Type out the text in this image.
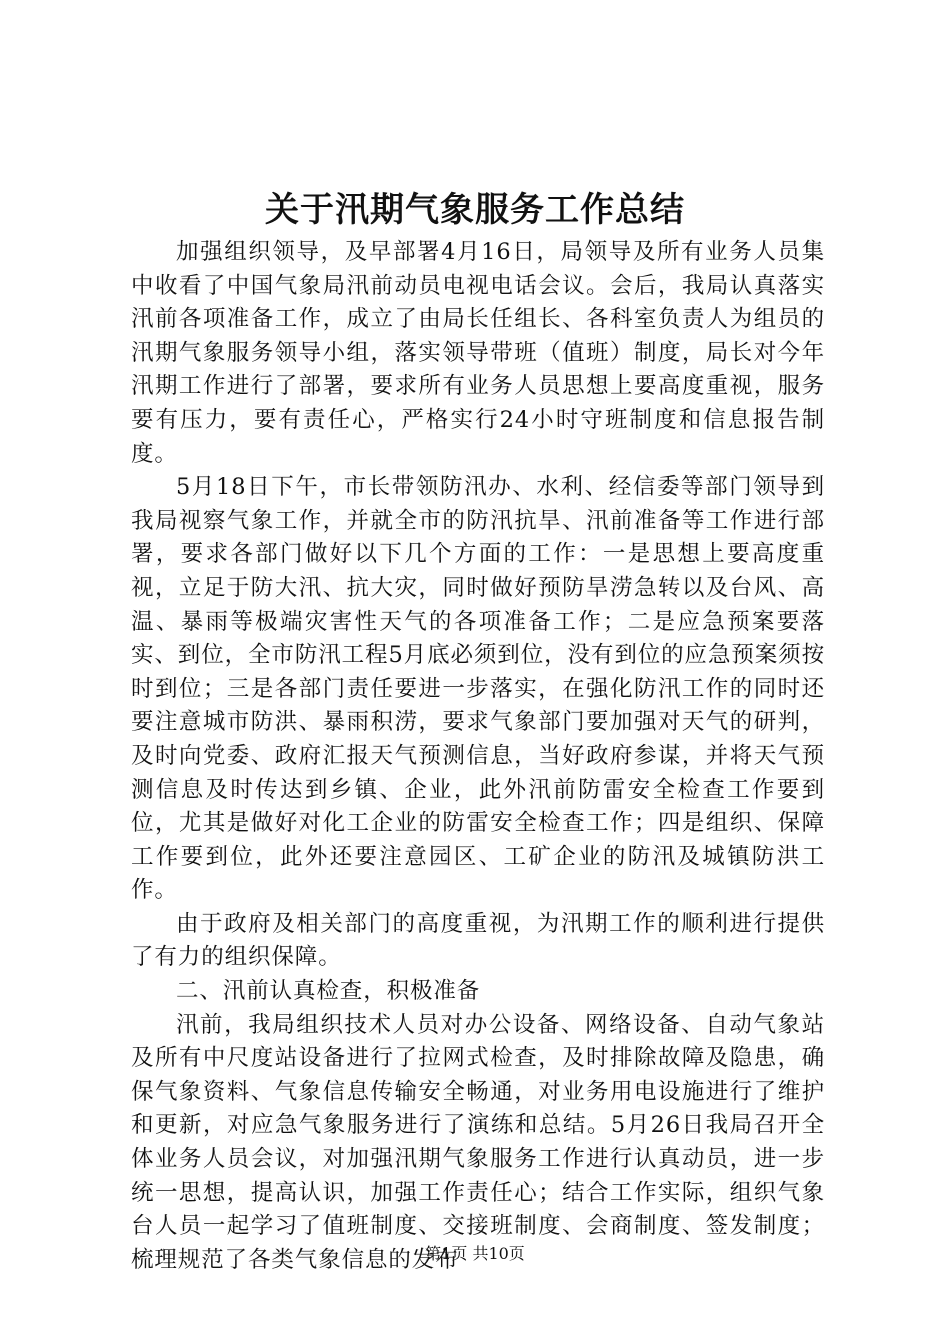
关于汛期气象服务工作总结

加强组织领导，及早部署4月16日，局领导及所有业务人员集中收看了中国气象局汛前动员电视电话会议。会后，我局认真落实汛前各项准备工作，成立了由局长任组长、各科室负责人为组员的汛期气象服务领导小组，落实领导带班（值班）制度，局长对今年汛期工作进行了部署，要求所有业务人员思想上要高度重视，服务要有压力，要有责任心，严格实行24小时守班制度和信息报告制度。

5月18日下午，市长带领防汛办、水利、经信委等部门领导到我局视察气象工作，并就全市的防汛抗旱、汛前准备等工作进行部署，要求各部门做好以下几个方面的工作：一是思想上要高度重视，立足于防大汛、抗大灾，同时做好预防旱涝急转以及台风、高温、暴雨等极端灾害性天气的各项准备工作；二是应急预案要落实、到位，全市防汛工程5月底必须到位，没有到位的应急预案须按时到位；三是各部门责任要进一步落实，在强化防汛工作的同时还要注意城市防洪、暴雨积涝，要求气象部门要加强对天气的研判，及时向党委、政府汇报天气预测信息，当好政府参谋，并将天气预测信息及时传达到乡镇、企业，此外汛前防雷安全检查工作要到位，尤其是做好对化工企业的防雷安全检查工作；四是组织、保障工作要到位，此外还要注意园区、工矿企业的防汛及城镇防洪工作。

由于政府及相关部门的高度重视，为汛期工作的顺利进行提供了有力的组织保障。

二、汛前认真检查，积极准备

汛前，我局组织技术人员对办公设备、网络设备、自动气象站及所有中尺度站设备进行了拉网式检查，及时排除故障及隐患，确保气象资料、气象信息传输安全畅通，对业务用电设施进行了维护和更新，对应急气象服务进行了演练和总结。5月26日我局召开全体业务人员会议，对加强汛期气象服务工作进行认真动员，进一步统一思想，提高认识，加强工作责任心；结合工作实际，组织气象台人员一起学习了值班制度、交接班制度、会商制度、签发制度；梳理规范了各类气象信息的发布

第1页 共10页
